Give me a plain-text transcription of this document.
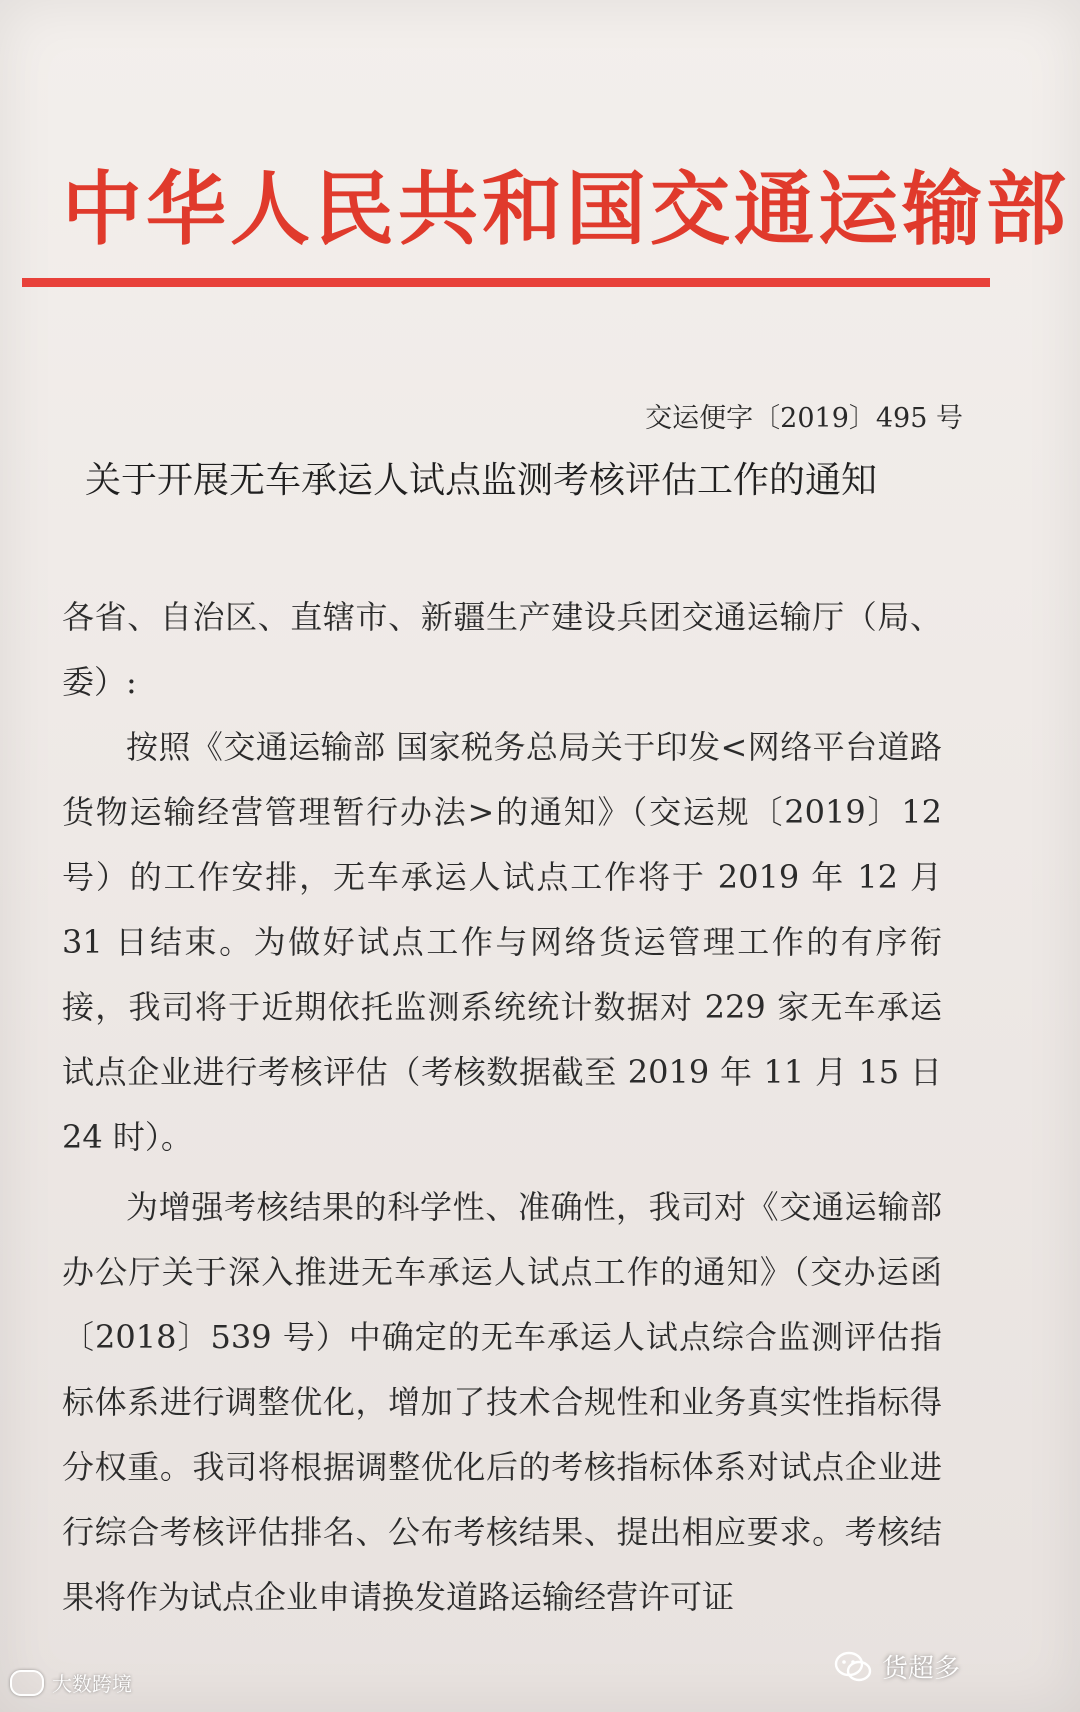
中华人民共和国交通运输部

交运便字〔2019〕495 号

关于开展无车承运人试点监测考核评估工作的通知

各省、自治区、直辖市、新疆生产建设兵团交通运输厅（局、委）:

按照《交通运输部 国家税务总局关于印发<网络平台道路货物运输经营管理暂行办法>的通知》（交运规〔2019〕12 号）的工作安排，无车承运人试点工作将于 2019 年 12 月 31 日结束。为做好试点工作与网络货运管理工作的有序衔接，我司将于近期依托监测系统统计数据对 229 家无车承运试点企业进行考核评估（考核数据截至 2019 年 11 月 15 日 24 时）。

为增强考核结果的科学性、准确性，我司对《交通运输部办公厅关于深入推进无车承运人试点工作的通知》（交办运函〔2018〕539 号）中确定的无车承运人试点综合监测评估指标体系进行调整优化，增加了技术合规性和业务真实性指标得分权重。我司将根据调整优化后的考核指标体系对试点企业进行综合考核评估排名、公布考核结果、提出相应要求。考核结果将作为试点企业申请换发道路运输经营许可证

大数跨境	货超多
